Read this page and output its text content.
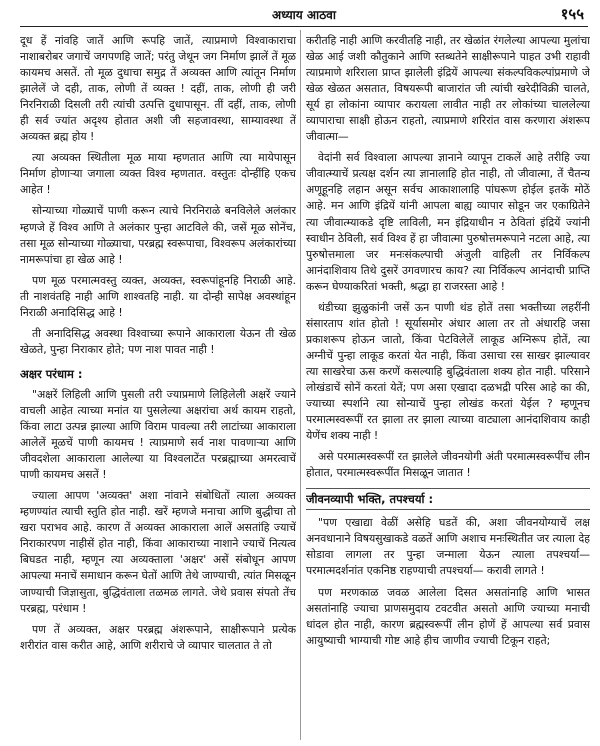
अध्याय आठवा	१५५

दूध हें नांवहि जातें आणि रूपहि जातें, त्याप्रमाणे विश्वाकाराचा नाशाबरोबर जगाचें जगपणहि जातें; परंतु जेथून जग निर्माण झालें तें मूळ कायमच असतें. तो मूळ दुधाचा समुद्र तें अव्यक्त आणि त्यांतून निर्माण झालेलें जे दही, ताक, लोणी तें व्यक्त ! दहीं, ताक, लोणी ही जरी निरनिराळी दिसली तरी त्यांची उत्पत्ति दुधापासून. तीं दहीं, ताक, लोणी ही सर्व ज्यांत अदृश्य होतात अशी जी सहजावस्था, साम्यावस्था तें अव्यक्त ब्रह्म होय !

त्या अव्यक्त स्थितीला मूळ माया म्हणतात आणि त्या मायेपासून निर्माण होणाऱ्या जगाला व्यक्त विश्व म्हणतात. वस्तुतः दोन्हींहि एकच आहेत !

सोन्याच्या गोळ्याचें पाणी करून त्याचे निरनिराळे बनविलेले अलंकार म्हणजे हें विश्व आणि ते अलंकार पुन्हा आटविले की, जसें मूळ सोनेंच, तसा मूळ सोन्याच्या गोळ्याचा, परब्रह्म स्वरूपाचा, विश्वरूप अलंकारांच्या नामरूपांचा हा खेळ आहे !

पण मूळ परमात्मवस्तु व्यक्त, अव्यक्त, स्वरूपांहूनहि निराळी आहे. ती नाशवंतहि नाही आणि शाश्वतहि नाही. या दोन्ही सापेक्ष अवस्थांहून निराळी अनादिसिद्ध आहे !

ती अनादिसिद्ध अवस्था विश्वाच्या रूपाने आकाराला येऊन ती खेळ खेळते, पुन्हा निराकार होते; पण नाश पावत नाही !

अक्षर परंधाम :

"अक्षरें लिहिली आणि पुसली तरी ज्याप्रमाणे लिहिलेली अक्षरें ज्याने वाचली आहेत त्याच्या मनांत या पुसलेल्या अक्षरांचा अर्थ कायम राहतो, किंवा लाटा उत्पन्न झाल्या आणि विराम पावल्या तरी लाटांच्या आकाराला आलेलें मूळचें पाणी कायमच ! त्याप्रमाणे सर्व नाश पावणाऱ्या आणि जीवदशेला आकाराला आलेल्या या विश्वलाटेंत परब्रह्माच्या अमरत्वाचें पाणी कायमच असतें !

ज्याला आपण 'अव्यक्त' अशा नांवाने संबोधितों त्याला अव्यक्त म्हणण्यांत त्याची स्तुति होत नाही. खरें म्हणजे मनाचा आणि बुद्धीचा तो खरा पराभव आहे. कारण तें अव्यक्त आकाराला आलें असतांहि ज्याचें निराकारपण नाहीसें होत नाही, किंवा आकाराच्या नाशाने ज्याचें नित्यत्व बिघडत नाही, म्हणून त्या अव्यक्ताला 'अक्षर' असें संबोधून आपण आपल्या मनाचें समाधान करून घेतों आणि तेथे जाण्याची, त्यांत मिसळून जाण्याची जिज्ञासुता, बुद्धिवंताला तळमळ लागते. जेथे प्रवास संपतो तेंच परब्रह्म, परंधाम !

पण तें अव्यक्त, अक्षर परब्रह्म अंशरूपाने, साक्षीरूपाने प्रत्येक शरीरांत वास करीत आहे, आणि शरीराचे जे व्यापार चालतात ते तो

करीतहि नाही आणि करवीतहि नाही, तर खेळांत रंगलेल्या आपल्या मुलांचा खेळ आई जशी कौतुकाने आणि स्तब्धतेने साक्षीरूपाने पाहत उभी राहावी त्याप्रमाणे शरिराला प्राप्त झालेली इंद्रियें आपल्या संकल्पविकल्पांप्रमाणे जे खेळ खेळत असतात, विषयरूपी बाजारांत जी त्यांची खरेदीविक्री चालते, सूर्य हा लोकांना व्यापार करायला लावीत नाही तर लोकांच्या चाललेल्या व्यापाराचा साक्षी होऊन राहतो, त्याप्रमाणे शरिरांत वास करणारा अंशरूप जीवात्मा—

वेदांनी सर्व विश्वाला आपल्या ज्ञानाने व्यापून टाकलें आहे तरीहि ज्या जीवात्म्याचें प्रत्यक्ष दर्शन त्या ज्ञानालाहि होत नाही, तो जीवात्मा, तें चैतन्य अणूहूनहि लहान असून सर्वच आकाशालाहि पांघरूण होईल इतकें मोठें आहे. मन आणि इंद्रियें यांनी आपला बाह्य व्यापार सोडून जर एकाग्रितेने त्या जीवात्म्याकडे दृष्टि लाविली, मन इंद्रियाधीन न ठेवितां इंद्रियें ज्यांनी स्वाधीन ठेविली, सर्व विश्व हें हा जीवात्मा पुरुषोत्तमरूपाने नटला आहे, त्या पुरुषोत्तमाला जर मनःसंकल्पाची अंजुली वाहिली तर निर्विकल्प आनंदाशिवाय तिथे दुसरें उगवणारच काय? त्या निर्विकल्प आनंदाची प्राप्ति करून घेण्याकरितां भक्ती, श्रद्धा हा राजरस्ता आहे !

थंडीच्या झुळुकांनी जसें ऊन पाणी थंड होतें तसा भक्तीच्या लहरींनी संसारताप शांत होतो ! सूर्यासमोर अंधार आला तर तो अंधारहि जसा प्रकाशरूप होऊन जातो, किंवा पेटविलेलें लाकूड अग्निरूप होतें, त्या अग्नीचें पुन्हा लाकूड करतां येत नाही, किंवा उसाचा रस साखर झाल्यावर त्या साखरेचा ऊस करणें कसल्याहि बुद्धिवंताला शक्य होत नाही. परिसाने लोखंडाचें सोनें करतां येतें; पण असा एखादा दळभद्री परिस आहे का की, ज्याच्या स्पर्शाने त्या सोन्याचें पुन्हा लोखंड करतां येईल ? म्हणूनच परमात्मस्वरूपीं रत झाला तर झाला त्याच्या वाट्याला आनंदाशिवाय काही येणेंच शक्य नाही !

असे परमात्मस्वरूपीं रत झालेले जीवनयोगी अंती परमात्मस्वरूपींच लीन होतात, परमात्मस्वरूपींत मिसळून जातात !

जीवनव्यापी भक्ति, तपश्चर्या :

"पण एखाद्या वेळीं असेहि घडतें की, अशा जीवनयोग्याचें लक्ष अनवधानाने विषयसुखाकडे वळतें आणि अशाच मनःस्थितीत जर त्याला देह सोडावा लागला तर पुन्हा जन्माला येऊन त्याला तपश्चर्या— परमात्मदर्शनांत एकनिष्ठ राहण्याची तपश्चर्या— करावी लागते !

पण मरणकाळ जवळ आलेला दिसत असतांनाहि आणि भासत असतांनाहि ज्याचा प्राणसमुदाय टवटवीत असतो आणि ज्याच्या मनाची धांदल होत नाही, कारण ब्रह्मस्वरूपीं लीन होणें हें आपल्या सर्व प्रवास आयुष्याची भाग्याची गोष्ट आहे हीच जाणीव ज्याची टिकून राहते;
